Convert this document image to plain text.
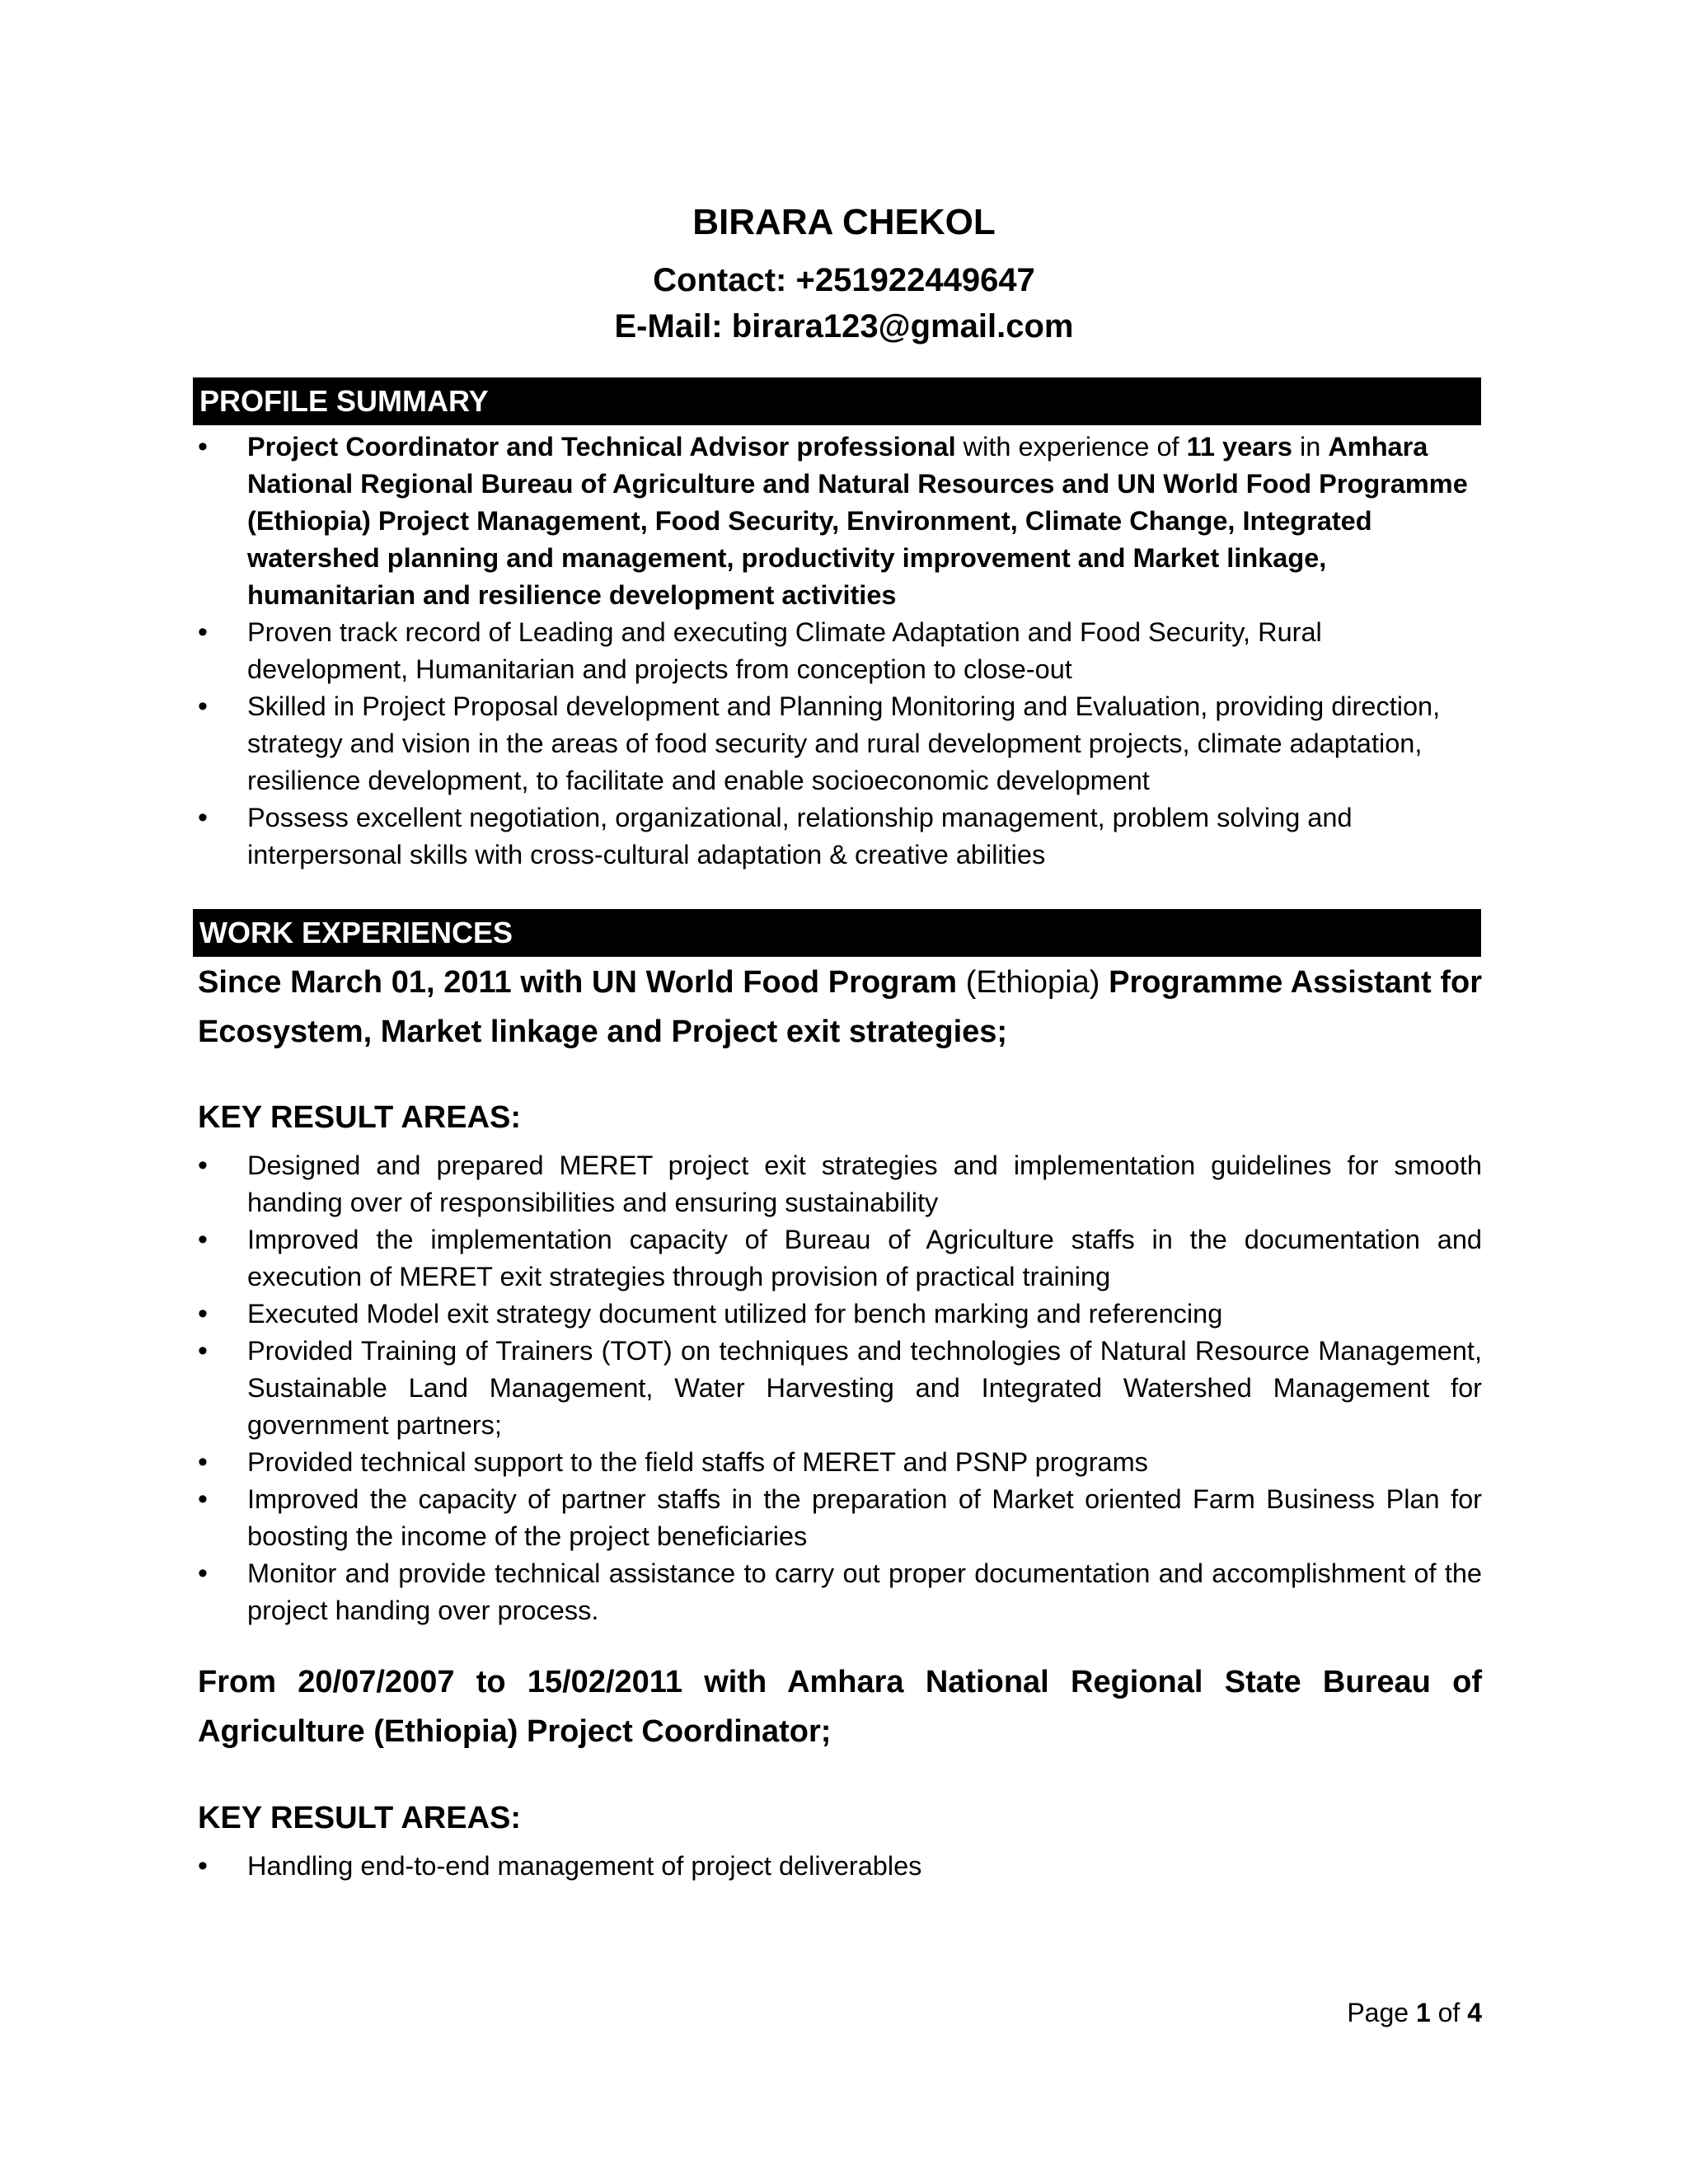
BIRARA CHEKOL
Contact: +251922449647
E-Mail: birara123@gmail.com
PROFILE SUMMARY
• Project Coordinator and Technical Advisor professional with experience of 11 years in Amhara National Regional Bureau of Agriculture and Natural Resources and UN World Food Programme (Ethiopia) Project Management, Food Security, Environment, Climate Change, Integrated watershed planning and management, productivity improvement and Market linkage, humanitarian and resilience development activities
• Proven track record of Leading and executing Climate Adaptation and Food Security, Rural development, Humanitarian and projects from conception to close-out
• Skilled in Project Proposal development and Planning Monitoring and Evaluation, providing direction, strategy and vision in the areas of food security and rural development projects, climate adaptation, resilience development, to facilitate and enable socioeconomic development
• Possess excellent negotiation, organizational, relationship management, problem solving and interpersonal skills with cross-cultural adaptation & creative abilities
WORK EXPERIENCES
Since March 01, 2011 with UN World Food Program (Ethiopia) Programme Assistant for Ecosystem, Market linkage and Project exit strategies;
KEY RESULT AREAS:
• Designed and prepared MERET project exit strategies and implementation guidelines for smooth handing over of responsibilities and ensuring sustainability
• Improved the implementation capacity of Bureau of Agriculture staffs in the documentation and execution of MERET exit strategies through provision of practical training
• Executed Model exit strategy document utilized for bench marking and referencing
• Provided Training of Trainers (TOT) on techniques and technologies of Natural Resource Management, Sustainable Land Management, Water Harvesting and Integrated Watershed Management for government partners;
• Provided technical support to the field staffs of MERET and PSNP programs
• Improved the capacity of partner staffs in the preparation of Market oriented Farm Business Plan for boosting the income of the project beneficiaries
• Monitor and provide technical assistance to carry out proper documentation and accomplishment of the project handing over process.
From 20/07/2007 to 15/02/2011 with Amhara National Regional State Bureau of Agriculture (Ethiopia) Project Coordinator;
KEY RESULT AREAS:
• Handling end-to-end management of project deliverables
Page 1 of 4
